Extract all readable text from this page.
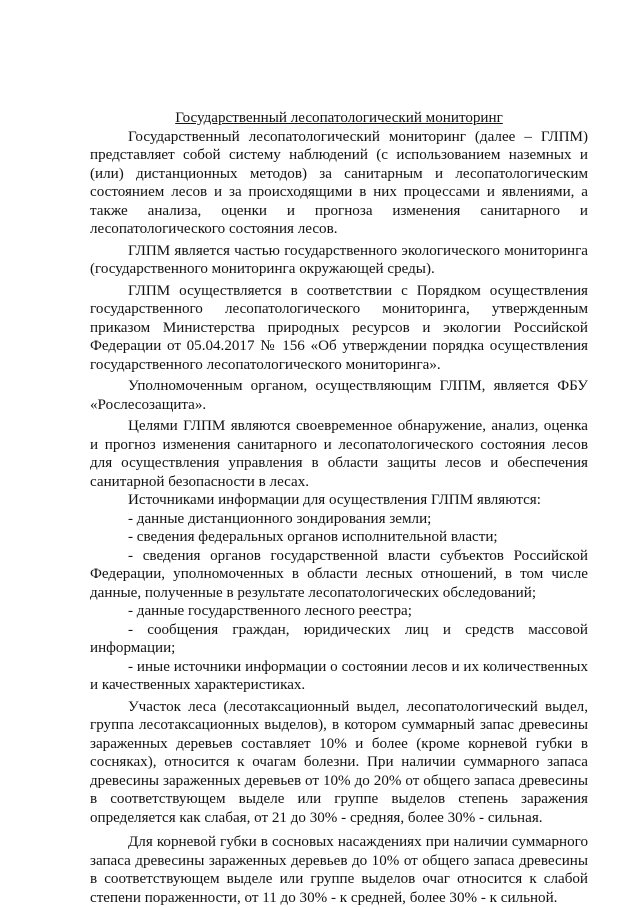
Государственный лесопатологический мониторинг

Государственный лесопатологический мониторинг (далее – ГЛПМ) представляет собой систему наблюдений (с использованием наземных и (или) дистанционных методов) за санитарным и лесопатологическим состоянием лесов и за происходящими в них процессами и явлениями, а также анализа, оценки и прогноза изменения санитарного и лесопатологического состояния лесов.

ГЛПМ является частью государственного экологического мониторинга (государственного мониторинга окружающей среды).

ГЛПМ осуществляется в соответствии с Порядком осуществления государственного лесопатологического мониторинга, утвержденным приказом Министерства природных ресурсов и экологии Российской Федерации от 05.04.2017 № 156 «Об утверждении порядка осуществления государственного лесопатологического мониторинга».

Уполномоченным органом, осуществляющим ГЛПМ, является ФБУ «Рослесозащита».

Целями ГЛПМ являются своевременное обнаружение, анализ, оценка и прогноз изменения санитарного и лесопатологического состояния лесов для осуществления управления в области защиты лесов и обеспечения санитарной безопасности в лесах.

Источниками информации для осуществления ГЛПМ являются:

- данные дистанционного зондирования земли;

- сведения федеральных органов исполнительной власти;

- сведения органов государственной власти субъектов Российской Федерации, уполномоченных в области лесных отношений, в том числе данные, полученные в результате лесопатологических обследований;

- данные государственного лесного реестра;

- сообщения граждан, юридических лиц и средств массовой информации;

- иные источники информации о состоянии лесов и их количественных и качественных характеристиках.

Участок леса (лесотаксационный выдел, лесопатологический выдел, группа лесотаксационных выделов), в котором суммарный запас древесины зараженных деревьев составляет 10% и более (кроме корневой губки в сосняках), относится к очагам болезни. При наличии суммарного запаса древесины зараженных деревьев от 10% до 20% от общего запаса древесины в соответствующем выделе или группе выделов степень заражения определяется как слабая, от 21 до 30% - средняя, более 30% - сильная.

Для корневой губки в сосновых насаждениях при наличии суммарного запаса древесины зараженных деревьев до 10% от общего запаса древесины в соответствующем выделе или группе выделов очаг относится к слабой степени пораженности, от 11 до 30% - к средней, более 30% - к сильной.
